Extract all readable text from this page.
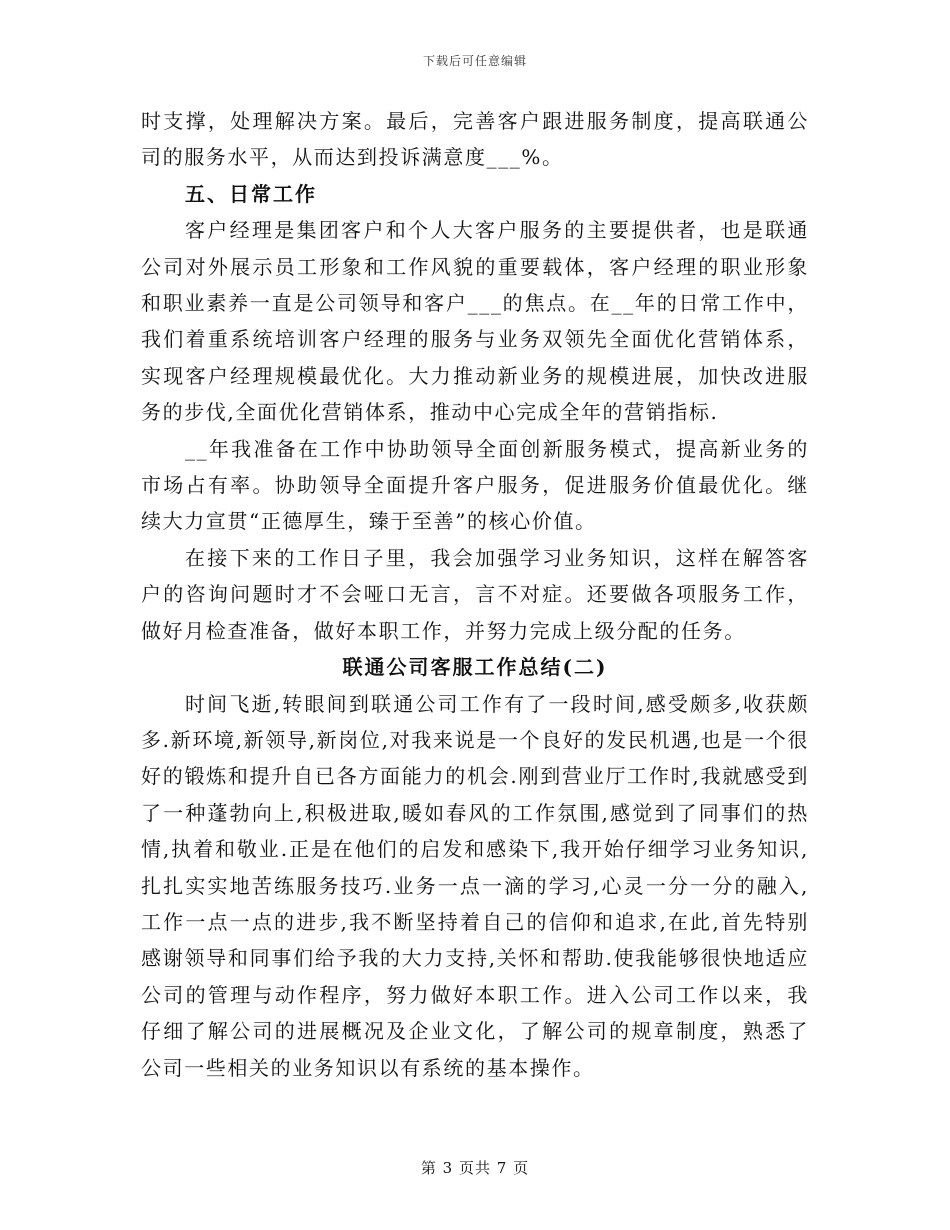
下载后可任意编辑

时支撑，处理解决方案。最后，完善客户跟进服务制度，提高联通公司的服务水平，从而达到投诉满意度___%。

五、日常工作

客户经理是集团客户和个人大客户服务的主要提供者，也是联通公司对外展示员工形象和工作风貌的重要载体，客户经理的职业形象和职业素养一直是公司领导和客户___的焦点。在__年的日常工作中，我们着重系统培训客户经理的服务与业务双领先全面优化营销体系，实现客户经理规模最优化。大力推动新业务的规模进展，加快改进服务的步伐,全面优化营销体系，推动中心完成全年的营销指标.

__年我准备在工作中协助领导全面创新服务模式，提高新业务的市场占有率。协助领导全面提升客户服务，促进服务价值最优化。继续大力宣贯“正德厚生，臻于至善”的核心价值。

在接下来的工作日子里，我会加强学习业务知识，这样在解答客户的咨询问题时才不会哑口无言，言不对症。还要做各项服务工作，做好月检查准备，做好本职工作，并努力完成上级分配的任务。

联通公司客服工作总结(二)

时间飞逝,转眼间到联通公司工作有了一段时间,感受颇多,收获颇多.新环境,新领导,新岗位,对我来说是一个良好的发民机遇,也是一个很好的锻炼和提升自已各方面能力的机会.刚到营业厅工作时,我就感受到了一种蓬勃向上,积极进取,暖如春风的工作氛围,感觉到了同事们的热情,执着和敬业.正是在他们的启发和感染下,我开始仔细学习业务知识,扎扎实实地苦练服务技巧.业务一点一滴的学习,心灵一分一分的融入,工作一点一点的进步,我不断坚持着自己的信仰和追求,在此,首先特别感谢领导和同事们给予我的大力支持,关怀和帮助.使我能够很快地适应公司的管理与动作程序，努力做好本职工作。进入公司工作以来，我仔细了解公司的进展概况及企业文化，了解公司的规章制度，熟悉了公司一些相关的业务知识以有系统的基本操作。

第 3 页共 7 页
